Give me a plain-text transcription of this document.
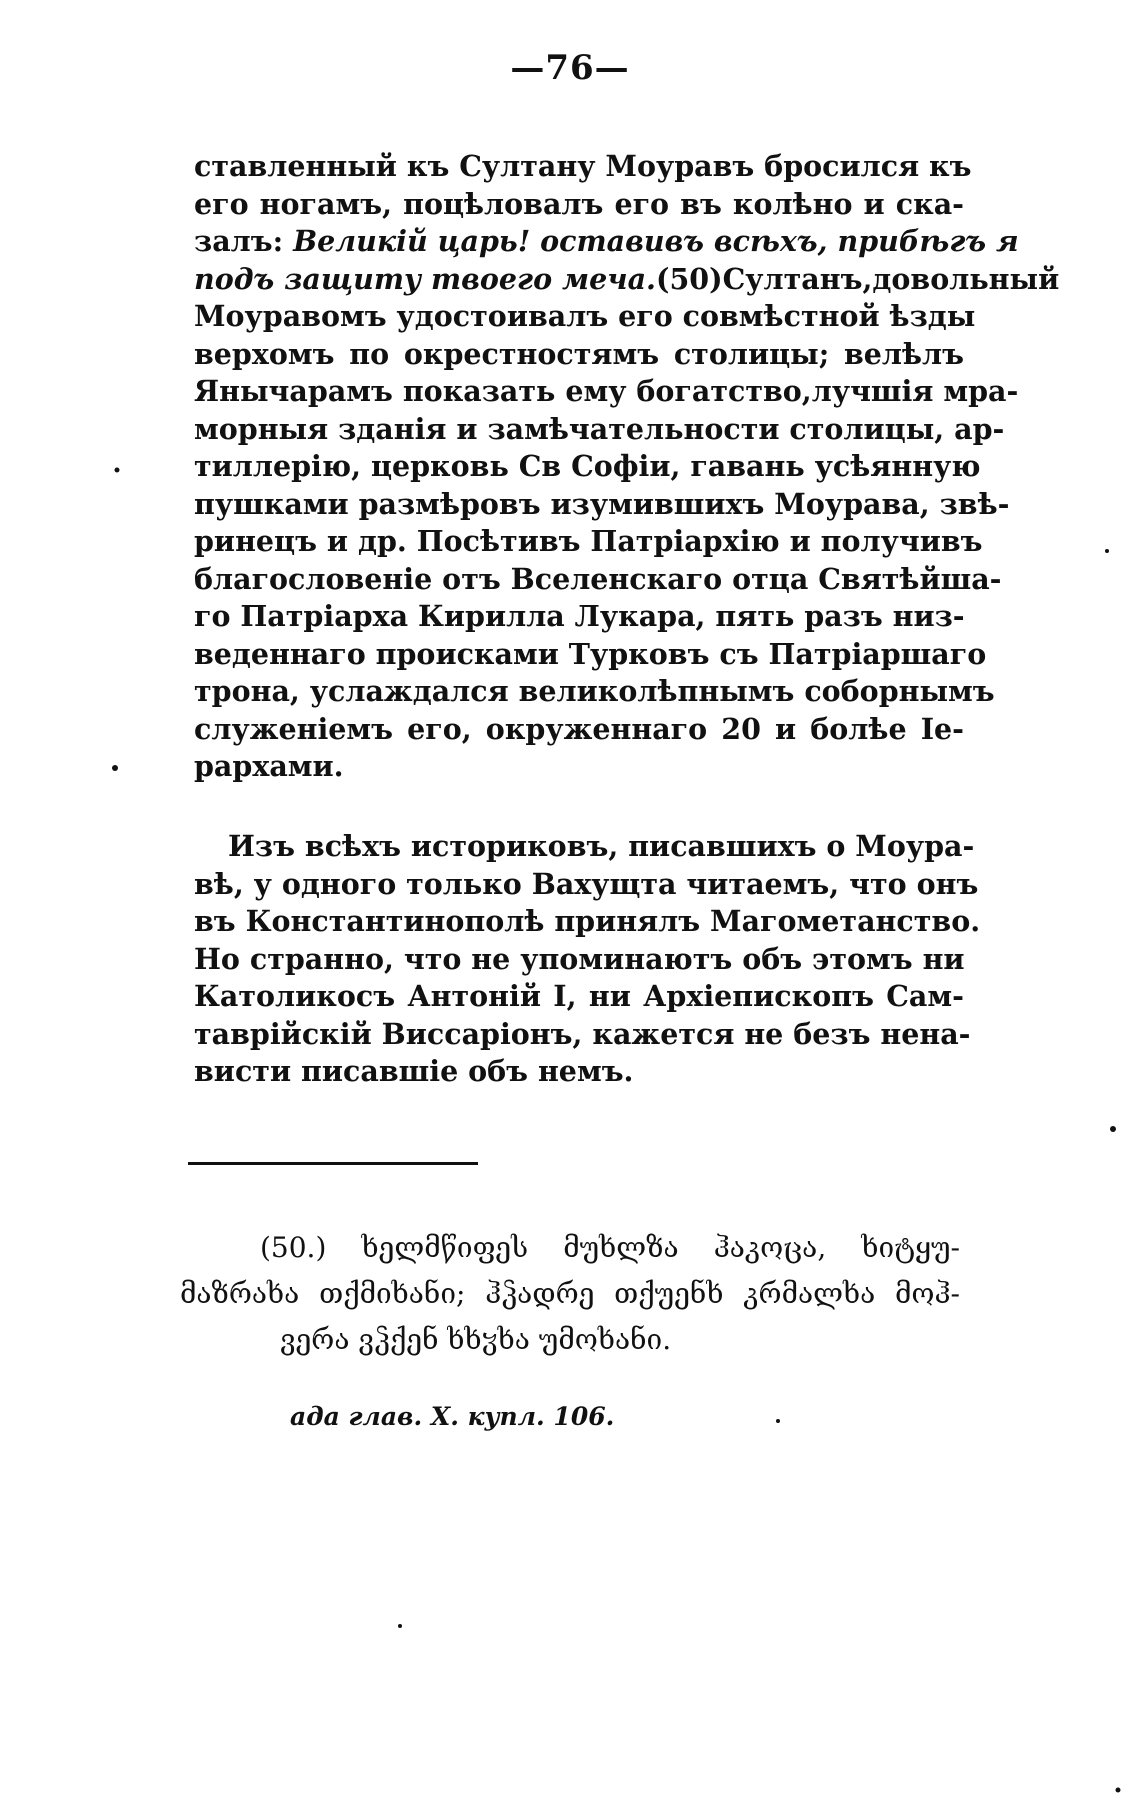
—76—
ставленный къ Султану Моуравъ бросился къ
его ногамъ, поцѣловалъ его въ колѣно и ска-
залъ: Великій царь! оставивъ всѣхъ, прибѣгъ я
подъ защиту твоего меча.(50)Султанъ,довольный
Моуравомъ удостоивалъ его совмѣстной ѣзды
верхомъ по окрестностямъ столицы; велѣлъ
Янычарамъ показать ему богатство,лучшія мра-
морныя зданія и замѣчательности столицы, ар-
тиллерію, церковь Св Софіи, гавань усѣянную
пушками размѣровъ изумившихъ Моурава, звѣ-
ринецъ и др. Посѣтивъ Патріархію и получивъ
благословеніе отъ Вселенскаго отца Святѣйша-
го Патріарха Кирилла Лукара, пять разъ низ-
веденнаго происками Турковъ съ Патріаршаго
трона, услаждался великолѣпнымъ соборнымъ
служеніемъ его, окруженнаго 20 и болѣе Іе-
рархами.
Изъ всѣхъ историковъ, писавшихъ о Моура-
вѣ, у одного только Вахущта читаемъ, что онъ
въ Константинополѣ принялъ Магометанство.
Но странно, что не упоминаютъ объ этомъ ни
Католикосъ Антоній I, ни Архіепископъ Сам-
таврійскій Виссаріонъ, кажется не безъ нена-
висти писавшіе объ немъ.
(50.) ხელმწიფეს მუხლზა ჰაკოცა, ხიტყუ-
მაზრახა თქმიხანი; ჰჴადრე თქუენხ კრმალხა მოჰ-
ვერა ვჴქენ ხხჳხა უმოხანი.
ада глав. X. купл. 106.
